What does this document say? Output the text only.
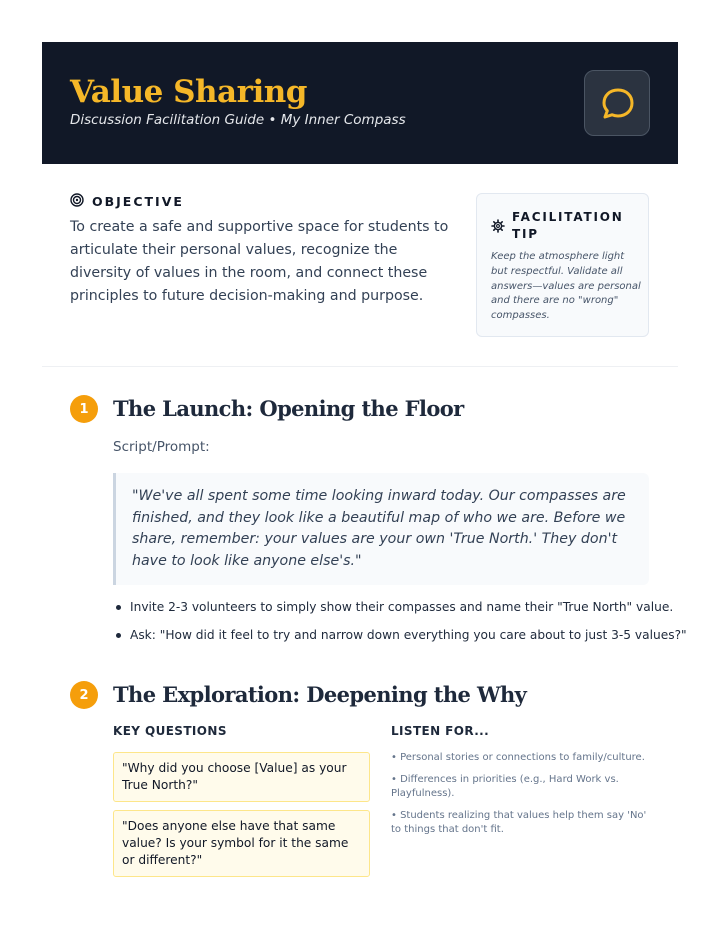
Value Sharing
Discussion Facilitation Guide • My Inner Compass
OBJECTIVE

To create a safe and supportive space for students to articulate their personal values, recognize the diversity of values in the room, and connect these principles to future decision-making and purpose.

FACILITATION TIP

Keep the atmosphere light but respectful. Validate all answers—values are personal and there are no "wrong" compasses.

1	The Launch: Opening the Floor
Script/Prompt:

"We've all spent some time looking inward today. Our compasses are finished, and they look like a beautiful map of who we are. Before we share, remember: your values are your own 'True North.' They don't have to look like anyone else's."

Invite 2-3 volunteers to simply show their compasses and name their "True North" value.
Ask: "How did it feel to try and narrow down everything you care about to just 3-5 values?"
2	The Exploration: Deepening the Why
KEY QUESTIONS
"Why did you choose [Value] as your True North?"
"Does anyone else have that same value? Is your symbol for it the same or different?"
LISTEN FOR...
• Personal stories or connections to family/culture.
• Differences in priorities (e.g., Hard Work vs. Playfulness).
• Students realizing that values help them say 'No' to things that don't fit.
